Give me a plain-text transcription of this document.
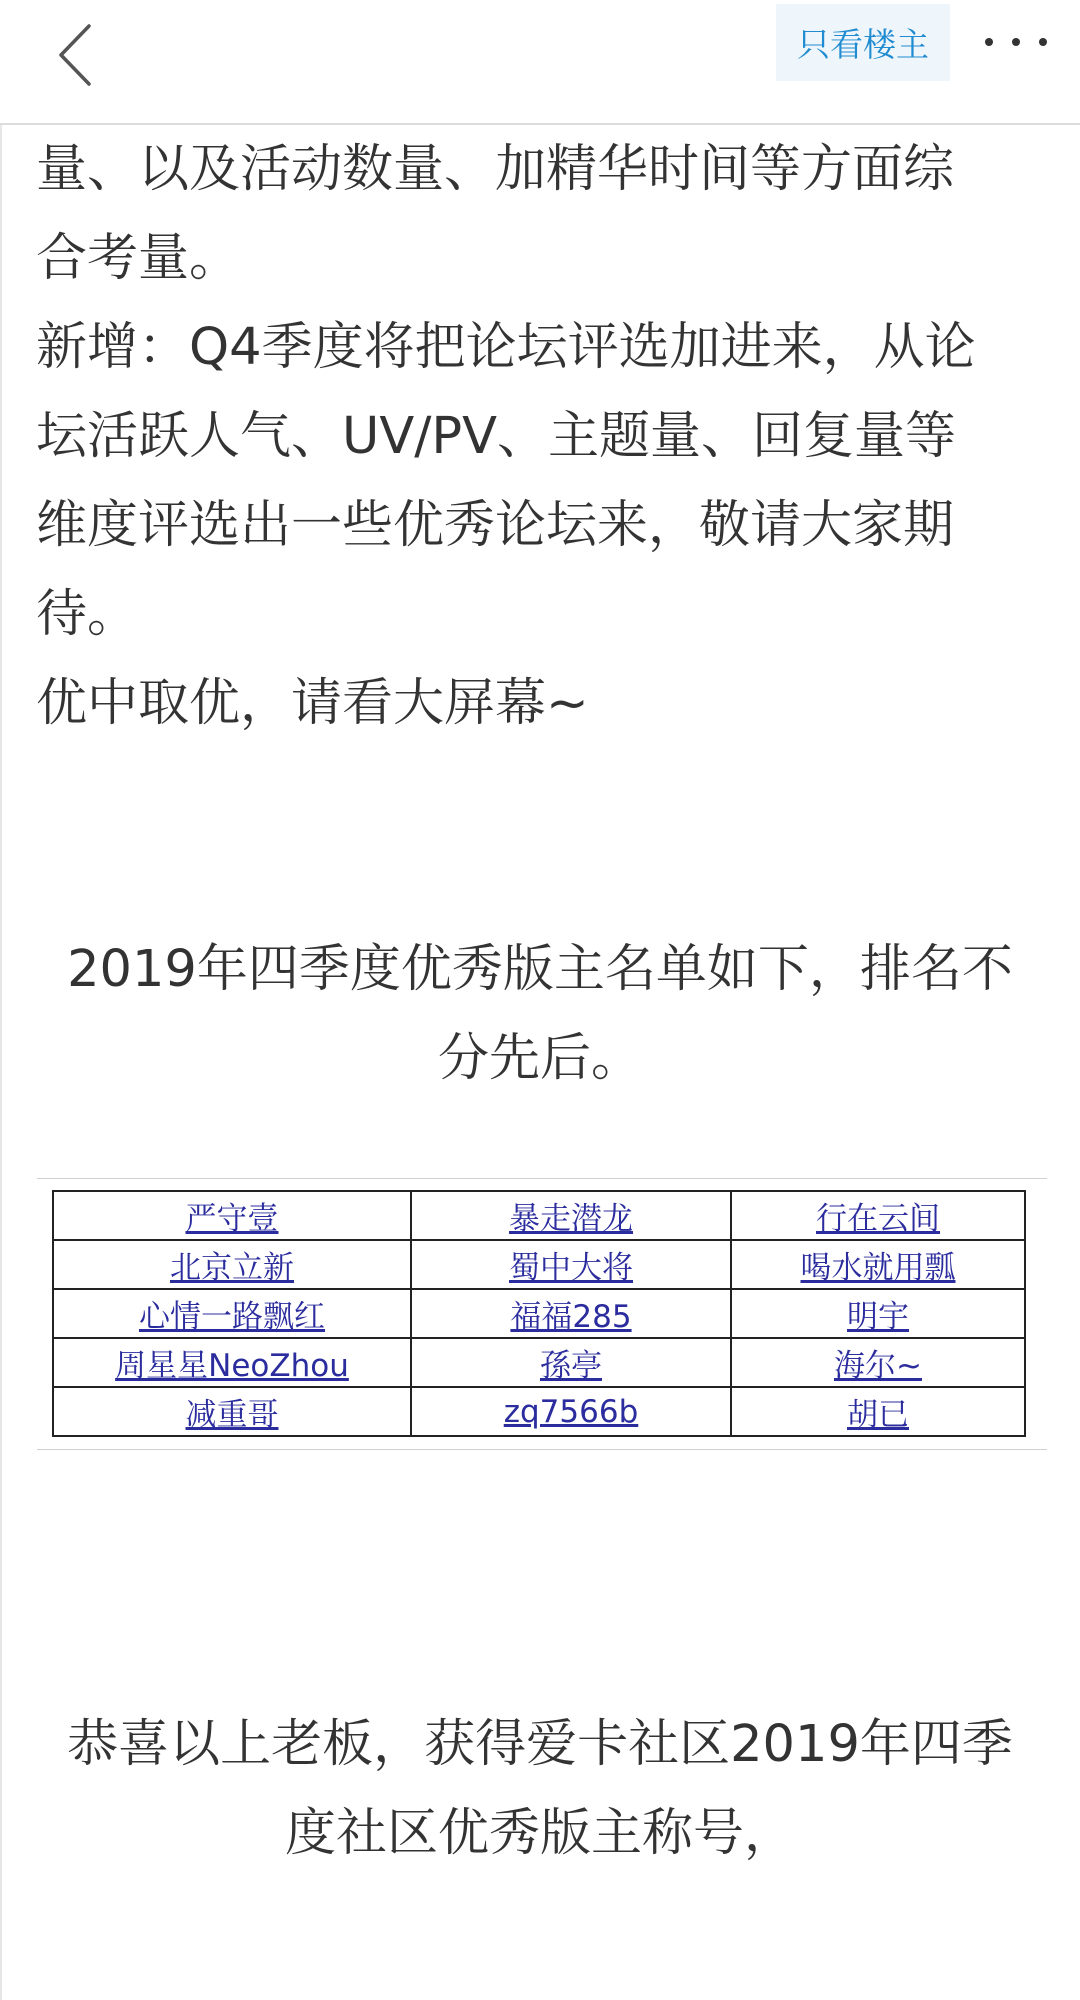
只看楼主

量、以及活动数量、加精华时间等方面综

合考量。

新增：Q4季度将把论坛评选加进来，从论

坛活跃人气、UV/PV、主题量、回复量等

维度评选出一些优秀论坛来，敬请大家期

待。

优中取优，请看大屏幕~

2019年四季度优秀版主名单如下，排名不
分先后。
严守壹	暴走潜龙	行在云间
北京立新	蜀中大将	喝水就用瓢
心情一路飘红	福福285	明宇
周星星NeoZhou	孫亭	海尔~
减重哥	zq7566b	胡已
恭喜以上老板，获得爱卡社区2019年四季
度社区优秀版主称号，
